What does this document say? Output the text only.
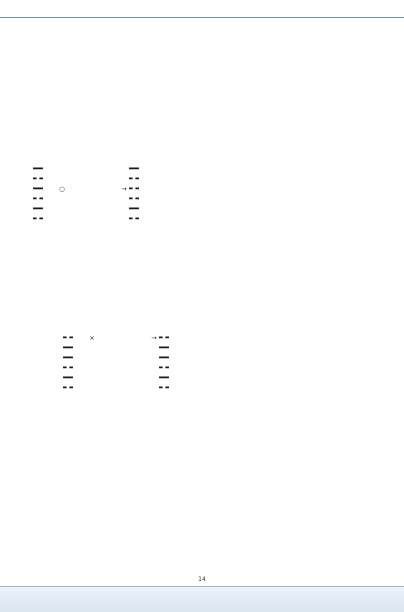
▬▬▬	▬▬▬
▬ ▬	▬ ▬
▬▬▬	○	→ ▬ ▬
▬ ▬	▬ ▬
▬▬▬	▬▬▬
▬ ▬	▬ ▬
▬ ▬	×	→ ▬ ▬
▬▬▬	▬▬▬
▬▬▬	▬▬▬
▬ ▬	▬ ▬
▬▬▬	▬▬▬
▬ ▬	▬ ▬
14
